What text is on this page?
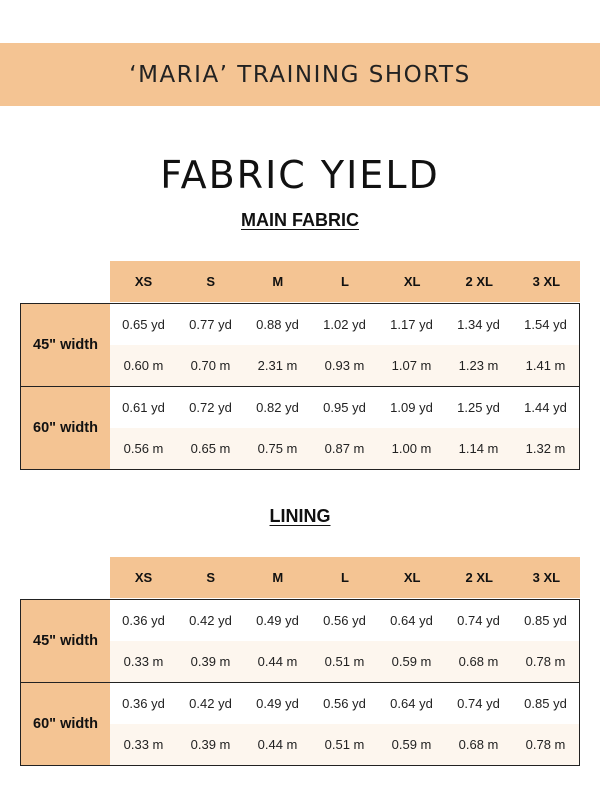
‘MARIA’ TRAINING SHORTS
FABRIC YIELD
MAIN FABRIC
XS	S	M	L	XL	2 XL	3 XL
45" width
0.65 yd	0.77 yd	0.88 yd	1.02 yd	1.17 yd	1.34 yd	1.54 yd
0.60 m	0.70 m	2.31 m	0.93 m	1.07 m	1.23 m	1.41 m
60" width
0.61 yd	0.72 yd	0.82 yd	0.95 yd	1.09 yd	1.25 yd	1.44 yd
0.56 m	0.65 m	0.75 m	0.87 m	1.00 m	1.14 m	1.32 m
LINING
XS	S	M	L	XL	2 XL	3 XL
45" width
0.36 yd	0.42 yd	0.49 yd	0.56 yd	0.64 yd	0.74 yd	0.85 yd
0.33 m	0.39 m	0.44 m	0.51 m	0.59 m	0.68 m	0.78 m
60" width
0.36 yd	0.42 yd	0.49 yd	0.56 yd	0.64 yd	0.74 yd	0.85 yd
0.33 m	0.39 m	0.44 m	0.51 m	0.59 m	0.68 m	0.78 m
